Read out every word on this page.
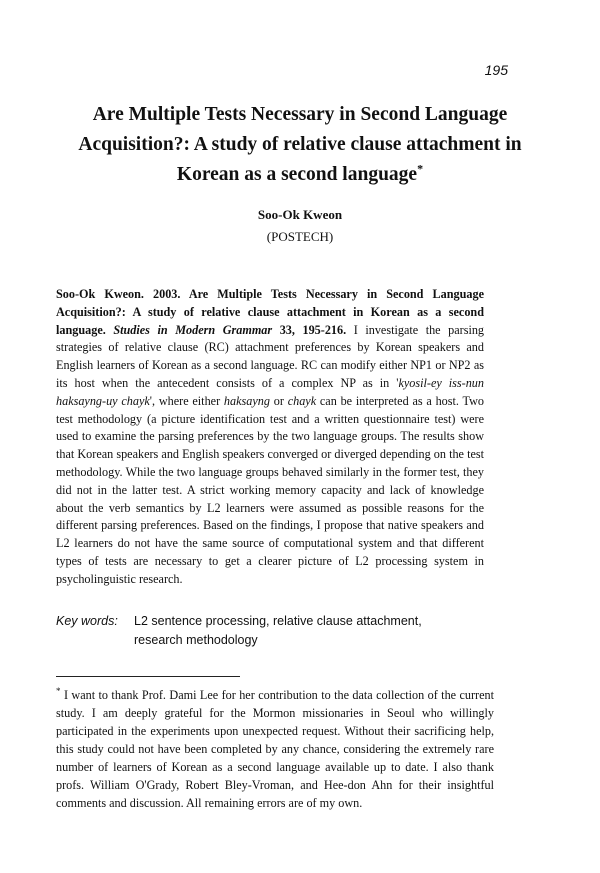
195
Are Multiple Tests Necessary in Second Language
Acquisition?: A study of relative clause attachment in
Korean as a second language*
Soo-Ok Kweon
(POSTECH)
Soo-Ok Kweon. 2003. Are Multiple Tests Necessary in Second Language Acquisition?: A study of relative clause attachment in Korean as a second language. Studies in Modern Grammar 33, 195-216. I investigate the parsing strategies of relative clause (RC) attachment preferences by Korean speakers and English learners of Korean as a second language. RC can modify either NP1 or NP2 as its host when the antecedent consists of a complex NP as in 'kyosil-ey iss-nun haksayng-uy chayk', where either haksayng or chayk can be interpreted as a host. Two test methodology (a picture identification test and a written questionnaire test) were used to examine the parsing preferences by the two language groups. The results show that Korean speakers and English speakers converged or diverged depending on the test methodology. While the two language groups behaved similarly in the former test, they did not in the latter test. A strict working memory capacity and lack of knowledge about the verb semantics by L2 learners were assumed as possible reasons for the different parsing preferences. Based on the findings, I propose that native speakers and L2 learners do not have the same source of computational system and that different types of tests are necessary to get a clearer picture of L2 processing system in psycholinguistic research.
Key words: L2 sentence processing, relative clause attachment,
research methodology
* I want to thank Prof. Dami Lee for her contribution to the data collection of the current study. I am deeply grateful for the Mormon missionaries in Seoul who willingly participated in the experiments upon unexpected request. Without their sacrificing help, this study could not have been completed by any chance, considering the extremely rare number of learners of Korean as a second language available up to date. I also thank profs. William O'Grady, Robert Bley-Vroman, and Hee-don Ahn for their insightful comments and discussion. All remaining errors are of my own.
